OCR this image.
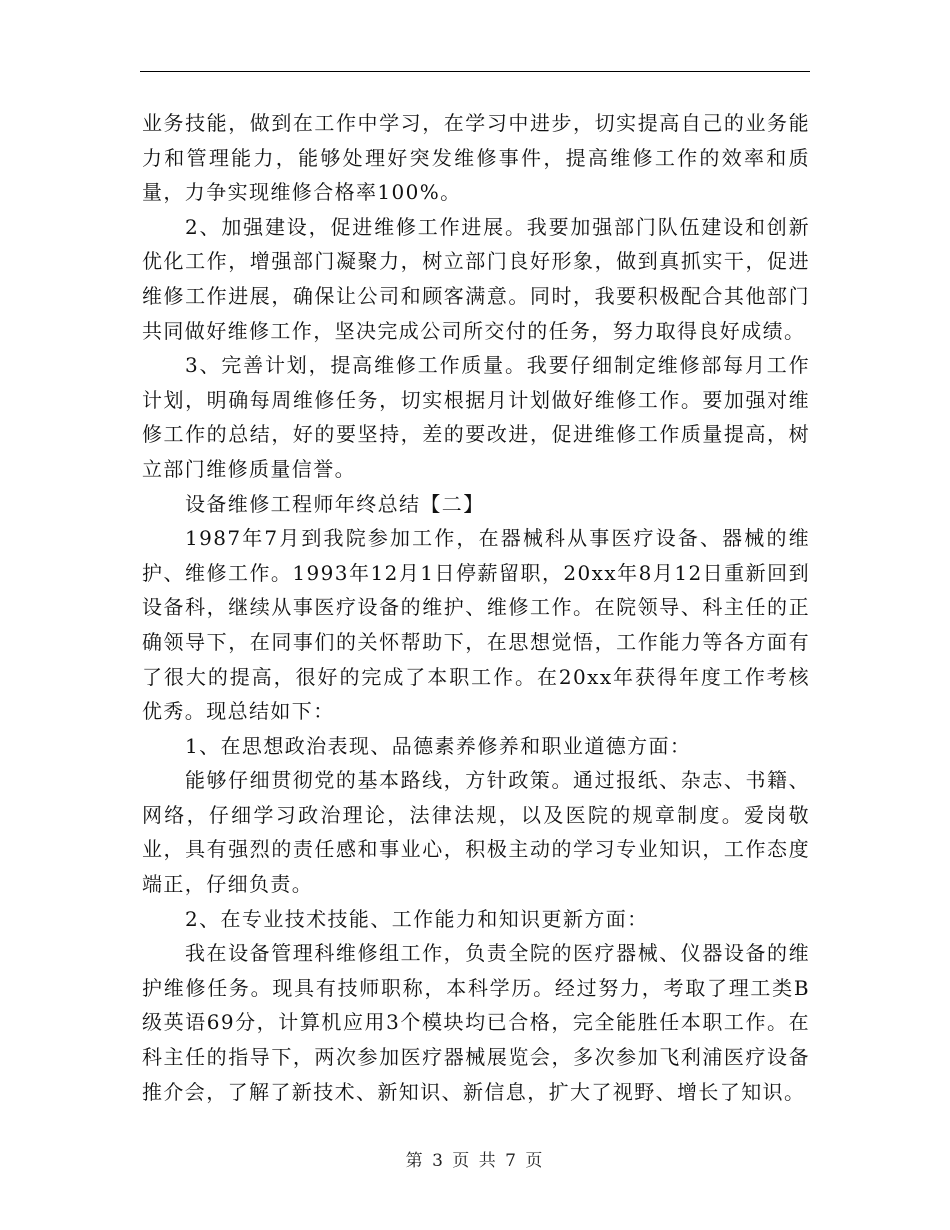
业务技能，做到在工作中学习，在学习中进步，切实提高自己的业务能力和管理能力，能够处理好突发维修事件，提高维修工作的效率和质量，力争实现维修合格率100%。

2、加强建设，促进维修工作进展。我要加强部门队伍建设和创新优化工作，增强部门凝聚力，树立部门良好形象，做到真抓实干，促进维修工作进展，确保让公司和顾客满意。同时，我要积极配合其他部门共同做好维修工作，坚决完成公司所交付的任务，努力取得良好成绩。

3、完善计划，提高维修工作质量。我要仔细制定维修部每月工作计划，明确每周维修任务，切实根据月计划做好维修工作。要加强对维修工作的总结，好的要坚持，差的要改进，促进维修工作质量提高，树立部门维修质量信誉。

设备维修工程师年终总结【二】

1987年7月到我院参加工作，在器械科从事医疗设备、器械的维护、维修工作。1993年12月1日停薪留职，20xx年8月12日重新回到设备科，继续从事医疗设备的维护、维修工作。在院领导、科主任的正确领导下，在同事们的关怀帮助下，在思想觉悟，工作能力等各方面有了很大的提高，很好的完成了本职工作。在20xx年获得年度工作考核优秀。现总结如下：

1、在思想政治表现、品德素养修养和职业道德方面：

能够仔细贯彻党的基本路线，方针政策。通过报纸、杂志、书籍、网络，仔细学习政治理论，法律法规，以及医院的规章制度。爱岗敬业，具有强烈的责任感和事业心，积极主动的学习专业知识，工作态度端正，仔细负责。

2、在专业技术技能、工作能力和知识更新方面：

我在设备管理科维修组工作，负责全院的医疗器械、仪器设备的维护维修任务。现具有技师职称，本科学历。经过努力，考取了理工类B 级英语69分，计算机应用3个模块均已合格，完全能胜任本职工作。在科主任的指导下，两次参加医疗器械展览会，多次参加飞利浦医疗设备推介会，了解了新技术、新知识、新信息，扩大了视野、增长了知识。

第 3 页 共 7 页
